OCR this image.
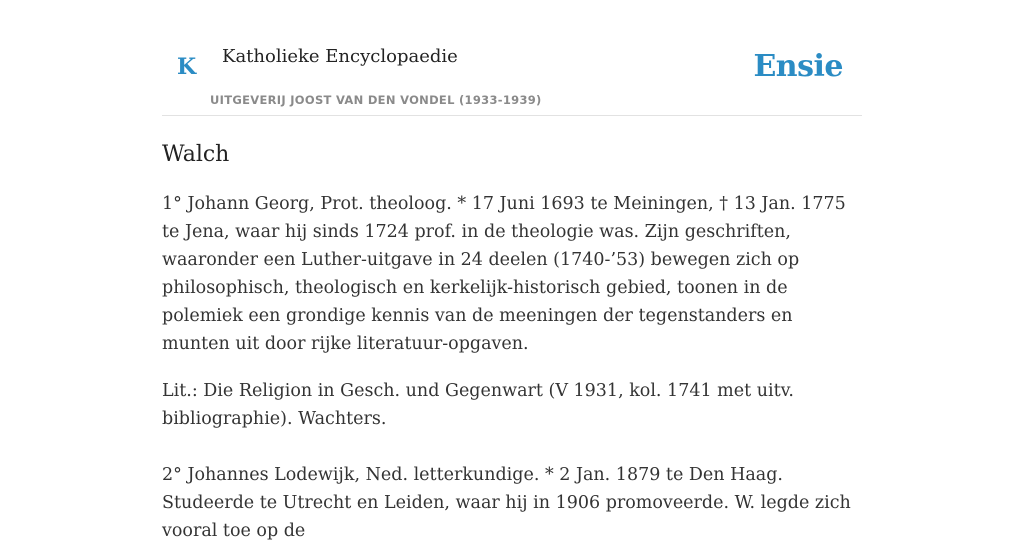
K Katholieke Encyclopaedie
UITGEVERIJ JOOST VAN DEN VONDEL (1933-1939)
Ensie
Walch

1° Johann Georg, Prot. theoloog. * 17 Juni 1693 te Meiningen, † 13 Jan. 1775 te Jena, waar hij sinds 1724 prof. in de theologie was. Zijn geschriften, waaronder een Luther-uitgave in 24 deelen (1740-’53) bewegen zich op philosophisch, theologisch en kerkelijk-historisch gebied, toonen in de polemiek een grondige kennis van de meeningen der tegenstanders en munten uit door rijke literatuur-opgaven.

Lit.: Die Religion in Gesch. und Gegenwart (V 1931, kol. 1741 met uitv. bibliographie). Wachters.

2° Johannes Lodewijk, Ned. letterkundige. * 2 Jan. 1879 te Den Haag. Studeerde te Utrecht en Leiden, waar hij in 1906 promoveerde. W. legde zich vooral toe op de
